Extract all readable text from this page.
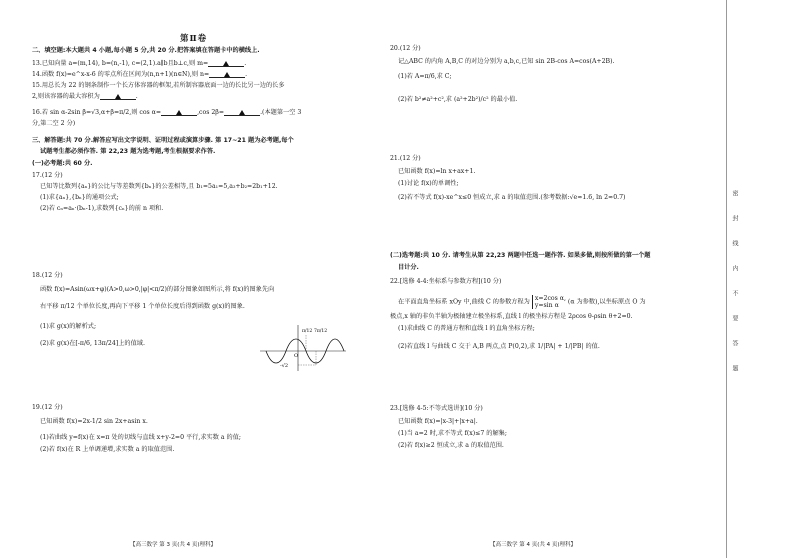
第Ⅱ卷
二、填空题:本大题共 4 小题,每小题 5 分,共 20 分.把答案填在答题卡中的横线上.
13.已知向量 a=(m,14), b=(n,-1), c=(2,1).a∥b且b⊥c,则 m=	.
14.函数 f(x)=e^x-x-6 的零点所在区间为(n,n+1)(n∈N),则 n=	.
15.用总长为 22 的钢条制作一个长方体容器的框架,若所制容器底面一边的长比另一边的长多
2,则该容器的最大容积为	.
16.若 sin α-2sin β=√3,α+β=π/2,则 cos α=	,cos 2β=	.(本题第一空 3
分,第二空 2 分)
三、解答题:共 70 分.解答应写出文字说明、证明过程或演算步骤. 第 17~21 题为必考题,每个
试题考生都必须作答. 第 22,23 题为选考题,考生根据要求作答.
(一)必考题:共 60 分.
17.(12 分)
已知等比数列{aₙ}的公比与等差数列{bₙ}的公差相等,且 b₁=5a₁=5,a₃+b₂=2b₁+12.
(1)求{aₙ},{bₙ}的通项公式;
(2)若 cₙ=aₙ·(bₙ-1),求数列{cₙ}的前 n 项和.
18.(12 分)
函数 f(x)=Asin(ωx+φ)(A>0,ω>0,|φ|<π/2)的部分图象如图所示,将 f(x)的图象先向
右平移 π/12 个单位长度,再向下平移 1 个单位长度后得到函数 g(x)的图象.
(1)求 g(x)的解析式;
(2)求 g(x)在[-π/6, 13π/24]上的值域.
19.(12 分)
已知函数 f(x)=2x-1/2 sin 2x+asin x.
(1)若曲线 y=f(x)在 x=π 处的切线与直线 x+y-2=0 平行,求实数 a 的值;
(2)若 f(x)在 R 上单调递增,求实数 a 的取值范围.
O
-√2
π/12 7π/12
【高三数学 第 3 页(共 4 页)理科】
20.(12 分)
记△ABC 的内角 A,B,C 的对边分别为 a,b,c,已知 sin 2B-cos A=cos(A+2B).
(1)若 A=π/6,求 C;
(2)若 b²≠a²+c²,求 (a²+2b²)/c² 的最小值.
21.(12 分)
已知函数 f(x)=ln x+ax+1.
(1)讨论 f(x)的单调性;
(2)若不等式 f(x)-xe^x≤0 恒成立,求 a 的取值范围.(参考数据:√e≈1.6, ln 2≈0.7)
(二)选考题:共 10 分. 请考生从第 22,23 两题中任选一题作答. 如果多做,则按所做的第一个题
目计分.
22.[选修 4-4:坐标系与参数方程](10 分)
在平面直角坐标系 xOy 中,曲线 C 的参数方程为 x=2cos α,
y=sin α (α 为参数),以坐标原点 O 为
极点,x 轴的非负半轴为极轴建立极坐标系,直线 l 的极坐标方程是 2ρcos θ-ρsin θ+2=0.
(1)求曲线 C 的普通方程和直线 l 的直角坐标方程;
(2)若直线 l 与曲线 C 交于 A,B 两点,点 P(0,2),求 1/|PA| + 1/|PB| 的值.
23.[选修 4-5:不等式选讲](10 分)
已知函数 f(x)=|x-3|+|x+a|.
(1)当 a=2 时,求不等式 f(x)≤7 的解集;
(2)若 f(x)≥2 恒成立,求 a 的取值范围.
【高三数学 第 4 页(共 4 页)理科】
密
封
线
内
不
要
答
题
